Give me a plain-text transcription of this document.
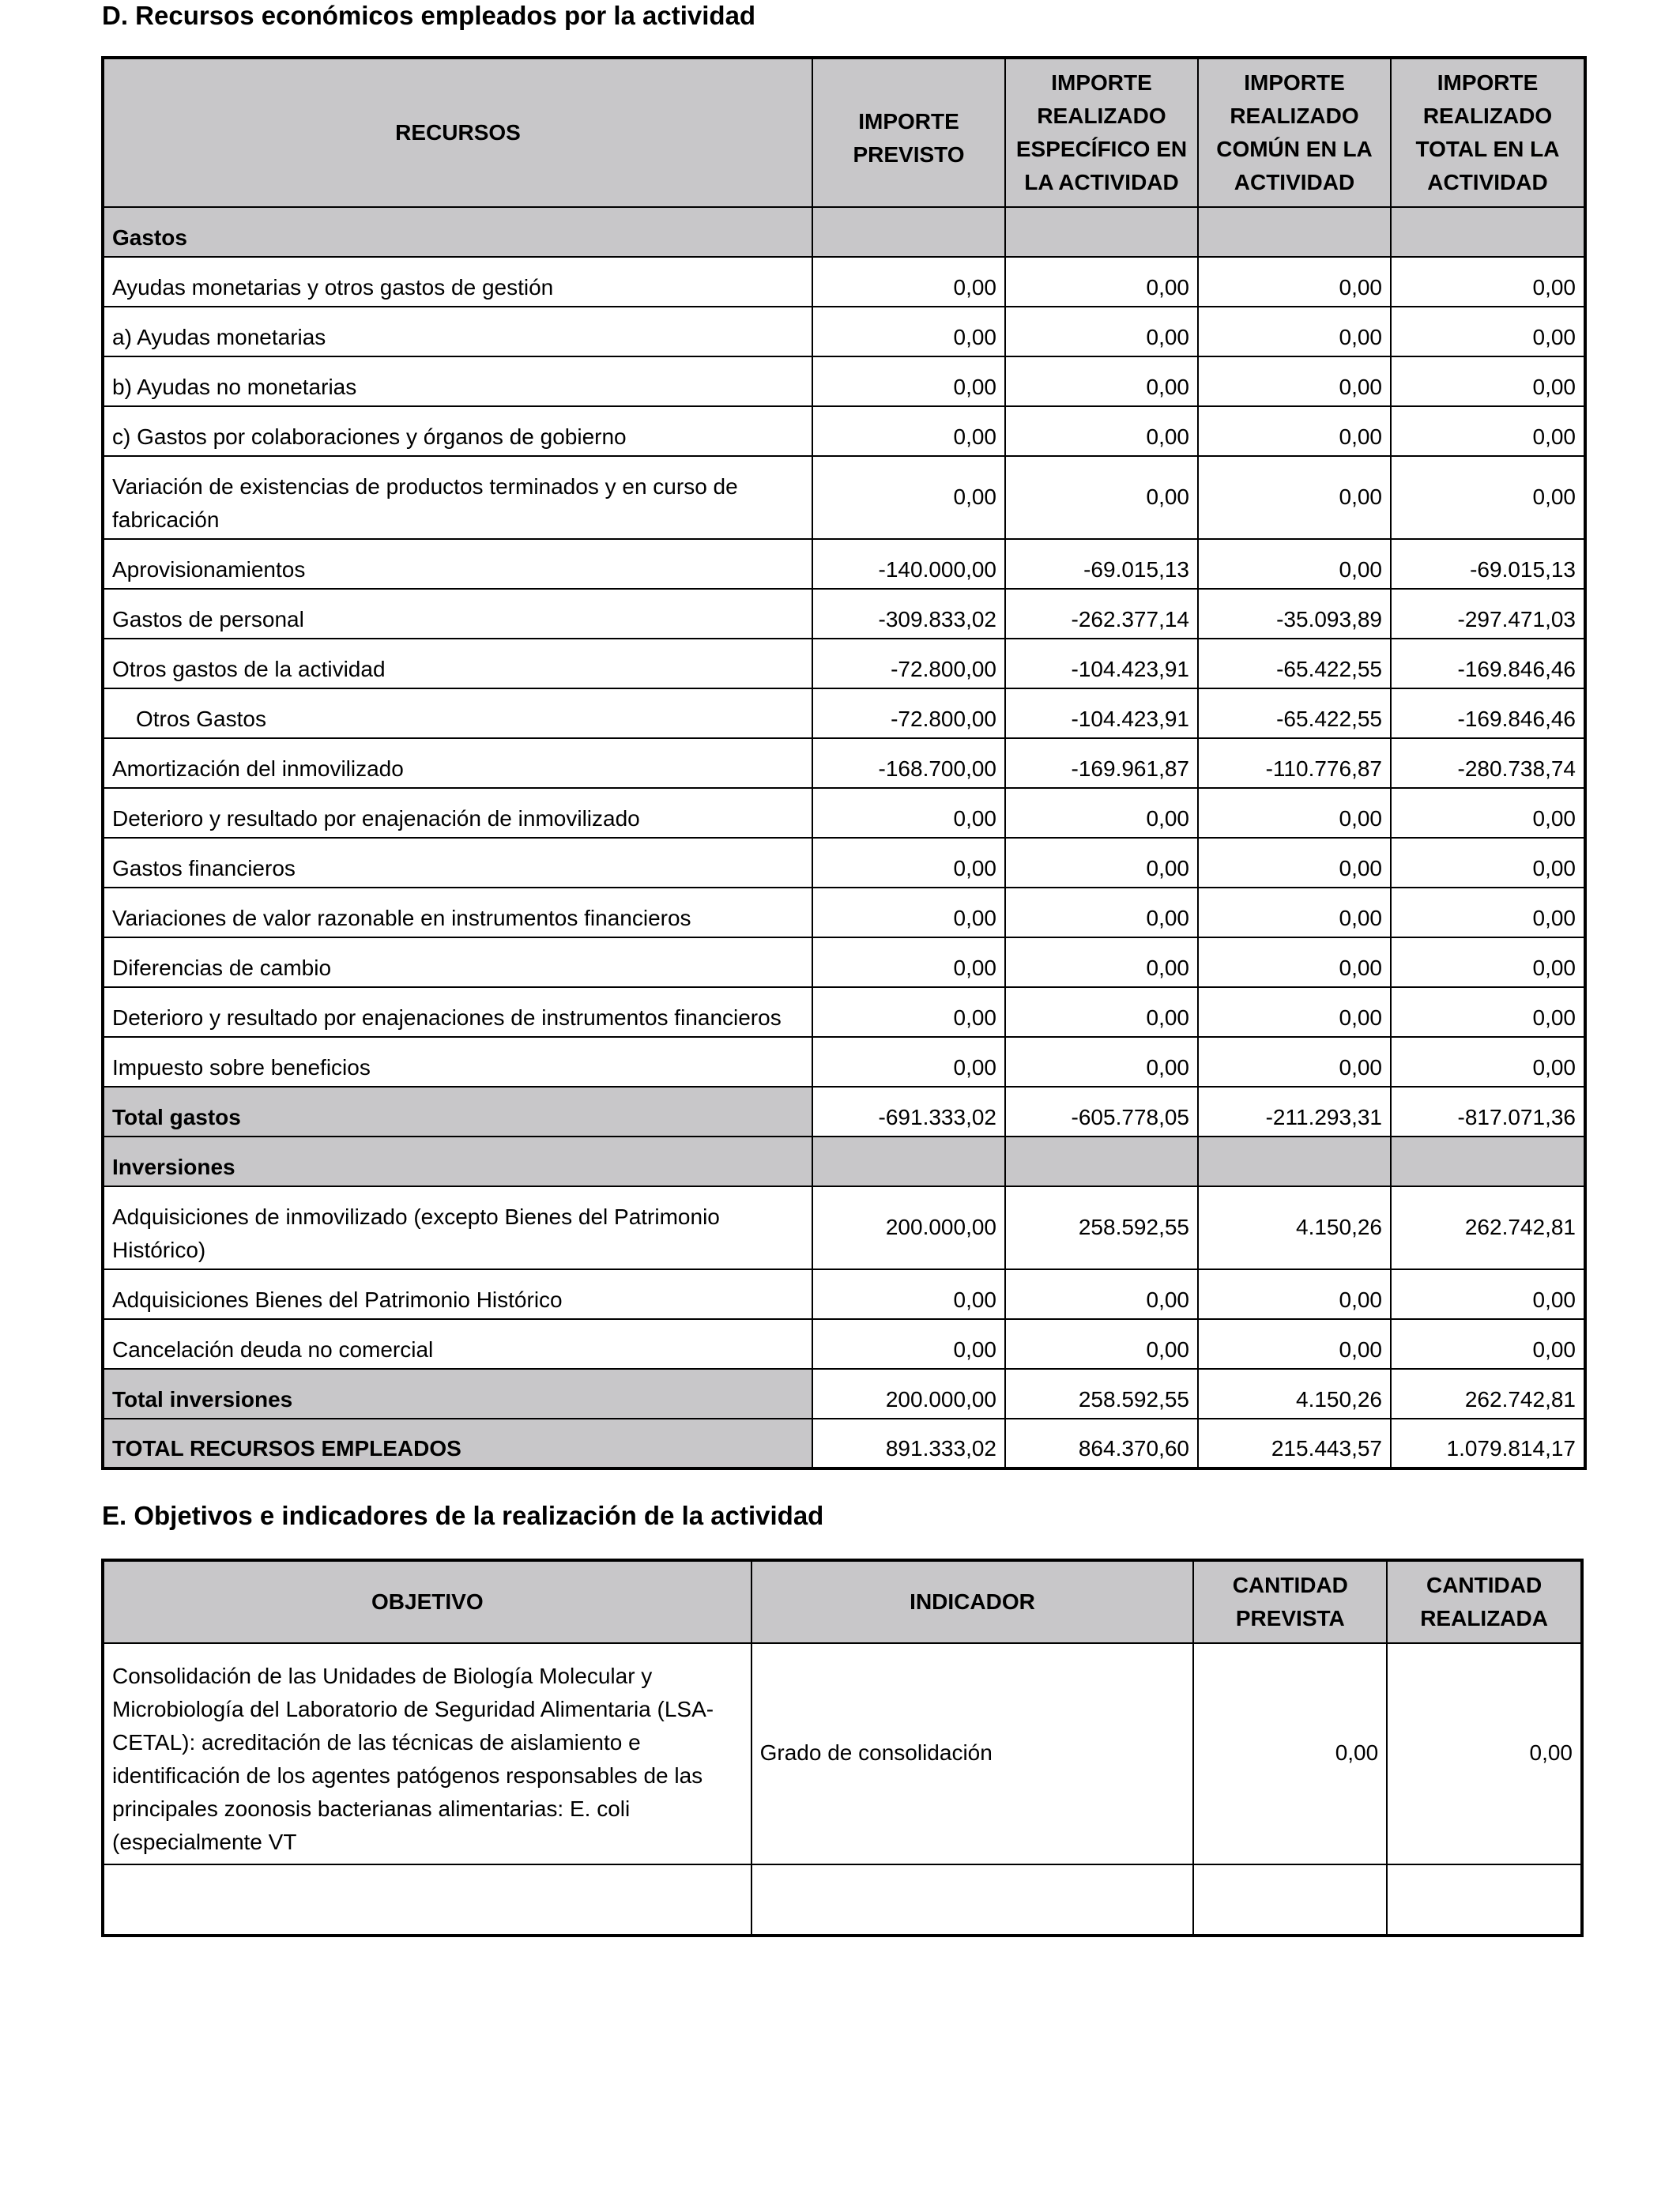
D. Recursos económicos empleados por la actividad
RECURSOS	IMPORTE PREVISTO	IMPORTE REALIZADO ESPECÍFICO EN LA ACTIVIDAD	IMPORTE REALIZADO COMÚN EN LA ACTIVIDAD	IMPORTE REALIZADO TOTAL EN LA ACTIVIDAD
Gastos				
Ayudas monetarias y otros gastos de gestión	0,00	0,00	0,00	0,00
a) Ayudas monetarias	0,00	0,00	0,00	0,00
b) Ayudas no monetarias	0,00	0,00	0,00	0,00
c) Gastos por colaboraciones y órganos de gobierno	0,00	0,00	0,00	0,00
Variación de existencias de productos terminados y en curso de fabricación	0,00	0,00	0,00	0,00
Aprovisionamientos	-140.000,00	-69.015,13	0,00	-69.015,13
Gastos de personal	-309.833,02	-262.377,14	-35.093,89	-297.471,03
Otros gastos de la actividad	-72.800,00	-104.423,91	-65.422,55	-169.846,46
Otros Gastos	-72.800,00	-104.423,91	-65.422,55	-169.846,46
Amortización del inmovilizado	-168.700,00	-169.961,87	-110.776,87	-280.738,74
Deterioro y resultado por enajenación de inmovilizado	0,00	0,00	0,00	0,00
Gastos financieros	0,00	0,00	0,00	0,00
Variaciones de valor razonable en instrumentos financieros	0,00	0,00	0,00	0,00
Diferencias de cambio	0,00	0,00	0,00	0,00
Deterioro y resultado por enajenaciones de instrumentos financieros	0,00	0,00	0,00	0,00
Impuesto sobre beneficios	0,00	0,00	0,00	0,00
Total gastos	-691.333,02	-605.778,05	-211.293,31	-817.071,36
Inversiones				
Adquisiciones de inmovilizado (excepto Bienes del Patrimonio Histórico)	200.000,00	258.592,55	4.150,26	262.742,81
Adquisiciones Bienes del Patrimonio Histórico	0,00	0,00	0,00	0,00
Cancelación deuda no comercial	0,00	0,00	0,00	0,00
Total inversiones	200.000,00	258.592,55	4.150,26	262.742,81
TOTAL RECURSOS EMPLEADOS	891.333,02	864.370,60	215.443,57	1.079.814,17
E. Objetivos e indicadores de la realización de la actividad
OBJETIVO	INDICADOR	CANTIDAD PREVISTA	CANTIDAD REALIZADA
Consolidación de las Unidades de Biología Molecular y Microbiología del Laboratorio de Seguridad Alimentaria (LSA-CETAL): acreditación de las técnicas de aislamiento e identificación de los agentes patógenos responsables de las principales zoonosis bacterianas alimentarias: E. coli (especialmente VT	Grado de consolidación	0,00	0,00
